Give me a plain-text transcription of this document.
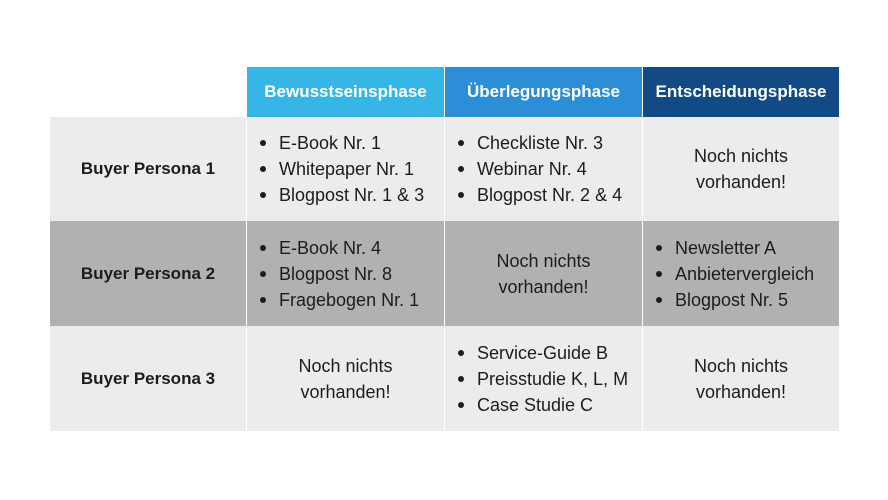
Bewusstseinsphase	Überlegungsphase	Entscheidungsphase
Buyer Persona 1
E-Book Nr. 1
Whitepaper Nr. 1
Blogpost Nr. 1 & 3
Checkliste Nr. 3
Webinar Nr. 4
Blogpost Nr. 2 & 4
Noch nichts vorhanden!
Buyer Persona 2
E-Book Nr. 4
Blogpost Nr. 8
Fragebogen Nr. 1
Noch nichts vorhanden!
Newsletter A
Anbietervergleich
Blogpost Nr. 5
Buyer Persona 3
Noch nichts vorhanden!
Service-Guide B
Preisstudie K, L, M
Case Studie C
Noch nichts vorhanden!
